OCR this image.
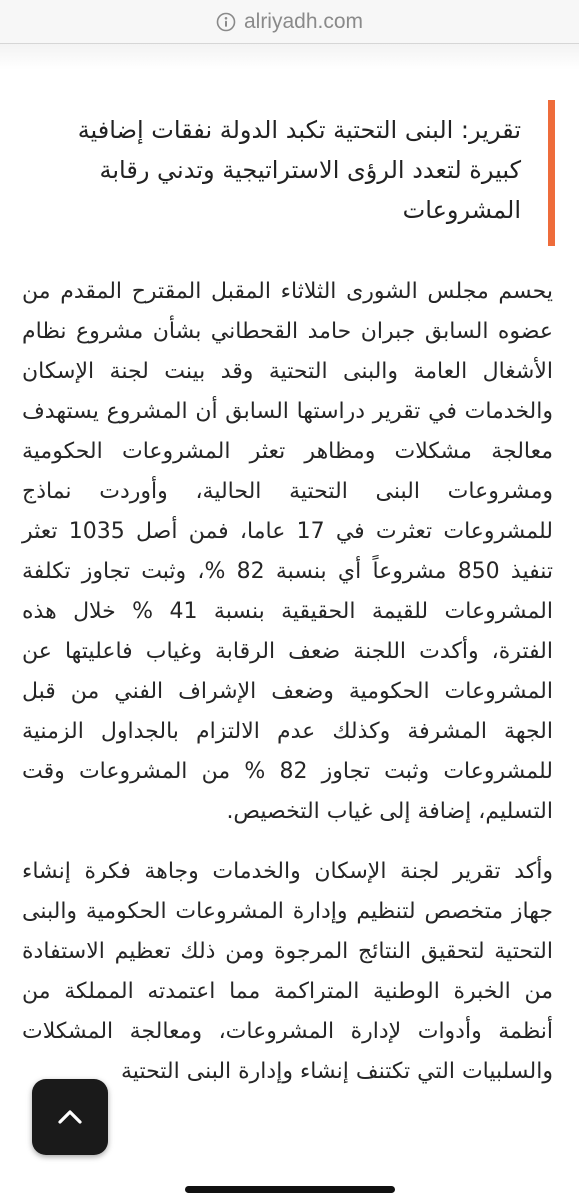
alriyadh.com
تقرير: البنى التحتية تكبد الدولة نفقات إضافية كبيرة لتعدد الرؤى الاستراتيجية وتدني رقابة المشروعات

يحسم مجلس الشورى الثلاثاء المقبل المقترح المقدم من عضوه السابق جبران حامد القحطاني بشأن مشروع نظام الأشغال العامة والبنى التحتية وقد بينت لجنة الإسكان والخدمات في تقرير دراستها السابق أن المشروع يستهدف معالجة مشكلات ومظاهر تعثر المشروعات الحكومية ومشروعات البنى التحتية الحالية، وأوردت نماذج للمشروعات تعثرت في 17 عاما، فمن أصل 1035 تعثر تنفيذ 850 مشروعاً أي بنسبة 82 %، وثبت تجاوز تكلفة المشروعات للقيمة الحقيقية بنسبة 41 % خلال هذه الفترة، وأكدت اللجنة ضعف الرقابة وغياب فاعليتها عن المشروعات الحكومية وضعف الإشراف الفني من قبل الجهة المشرفة وكذلك عدم الالتزام بالجداول الزمنية للمشروعات وثبت تجاوز 82 % من المشروعات وقت التسليم، إضافة إلى غياب التخصيص.

وأكد تقرير لجنة الإسكان والخدمات وجاهة فكرة إنشاء جهاز متخصص لتنظيم وإدارة المشروعات الحكومية والبنى التحتية لتحقيق النتائج المرجوة ومن ذلك تعظيم الاستفادة من الخبرة الوطنية المتراكمة مما اعتمدته المملكة من أنظمة وأدوات لإدارة المشروعات، ومعالجة المشكلات والسلبيات التي تكتنف إنشاء وإدارة البنى التحتية
